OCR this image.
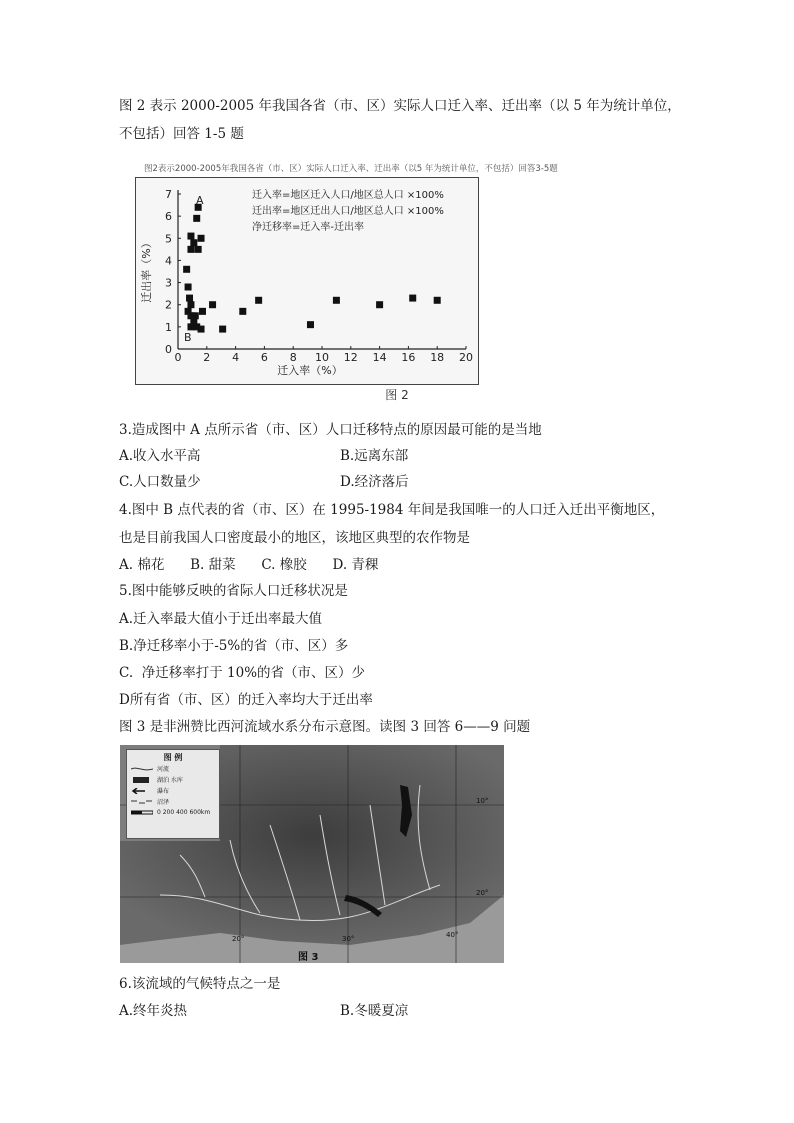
图 2 表示 2000-2005 年我国各省（市、区）实际人口迁入率、迁出率（以 5 年为统计单位，
不包括）回答 1-5 题
图2表示2000-2005年我国各省（市、区）实际人口迁入率、迁出率（以5 年为统计单位，不包括）回答3-5题
0 2 4 6 8 10 12 14 16 18 20
0
1
2
3
4
5
6
7	迁入率=地区迁入人口/地区总人口 ×100%
迁出率=地区迁出人口/地区总人口 ×100%
净迁移率=迁入率-迁出率
A
B
迁入率（%）
迁出率（%）
图 2
3.造成图中 A 点所示省（市、区）人口迁移特点的原因最可能的是当地
A.收入水平高	B.远离东部
C.人口数量少	D.经济落后
4.图中 B 点代表的省（市、区）在 1995-1984 年间是我国唯一的人口迁入迁出平衡地区，
也是目前我国人口密度最小的地区，该地区典型的农作物是
A. 棉花      B. 甜菜      C. 橡胶      D. 青稞
5.图中能够反映的省际人口迁移状况是
A.迁入率最大值小于迁出率最大值
B.净迁移率小于-5%的省（市、区）多
C.  净迁移率打于 10%的省（市、区）少
D所有省（市、区）的迁入率均大于迁出率
图 3 是非洲赞比西河流域水系分布示意图。读图 3 回答 6——9 问题
图 例
河流
湖泊 水库
瀑布
沼泽
0 200 400 600km
20°	30°	40°
10°
20°
图 3
6.该流域的气候特点之一是
A.终年炎热	B.冬暖夏凉
